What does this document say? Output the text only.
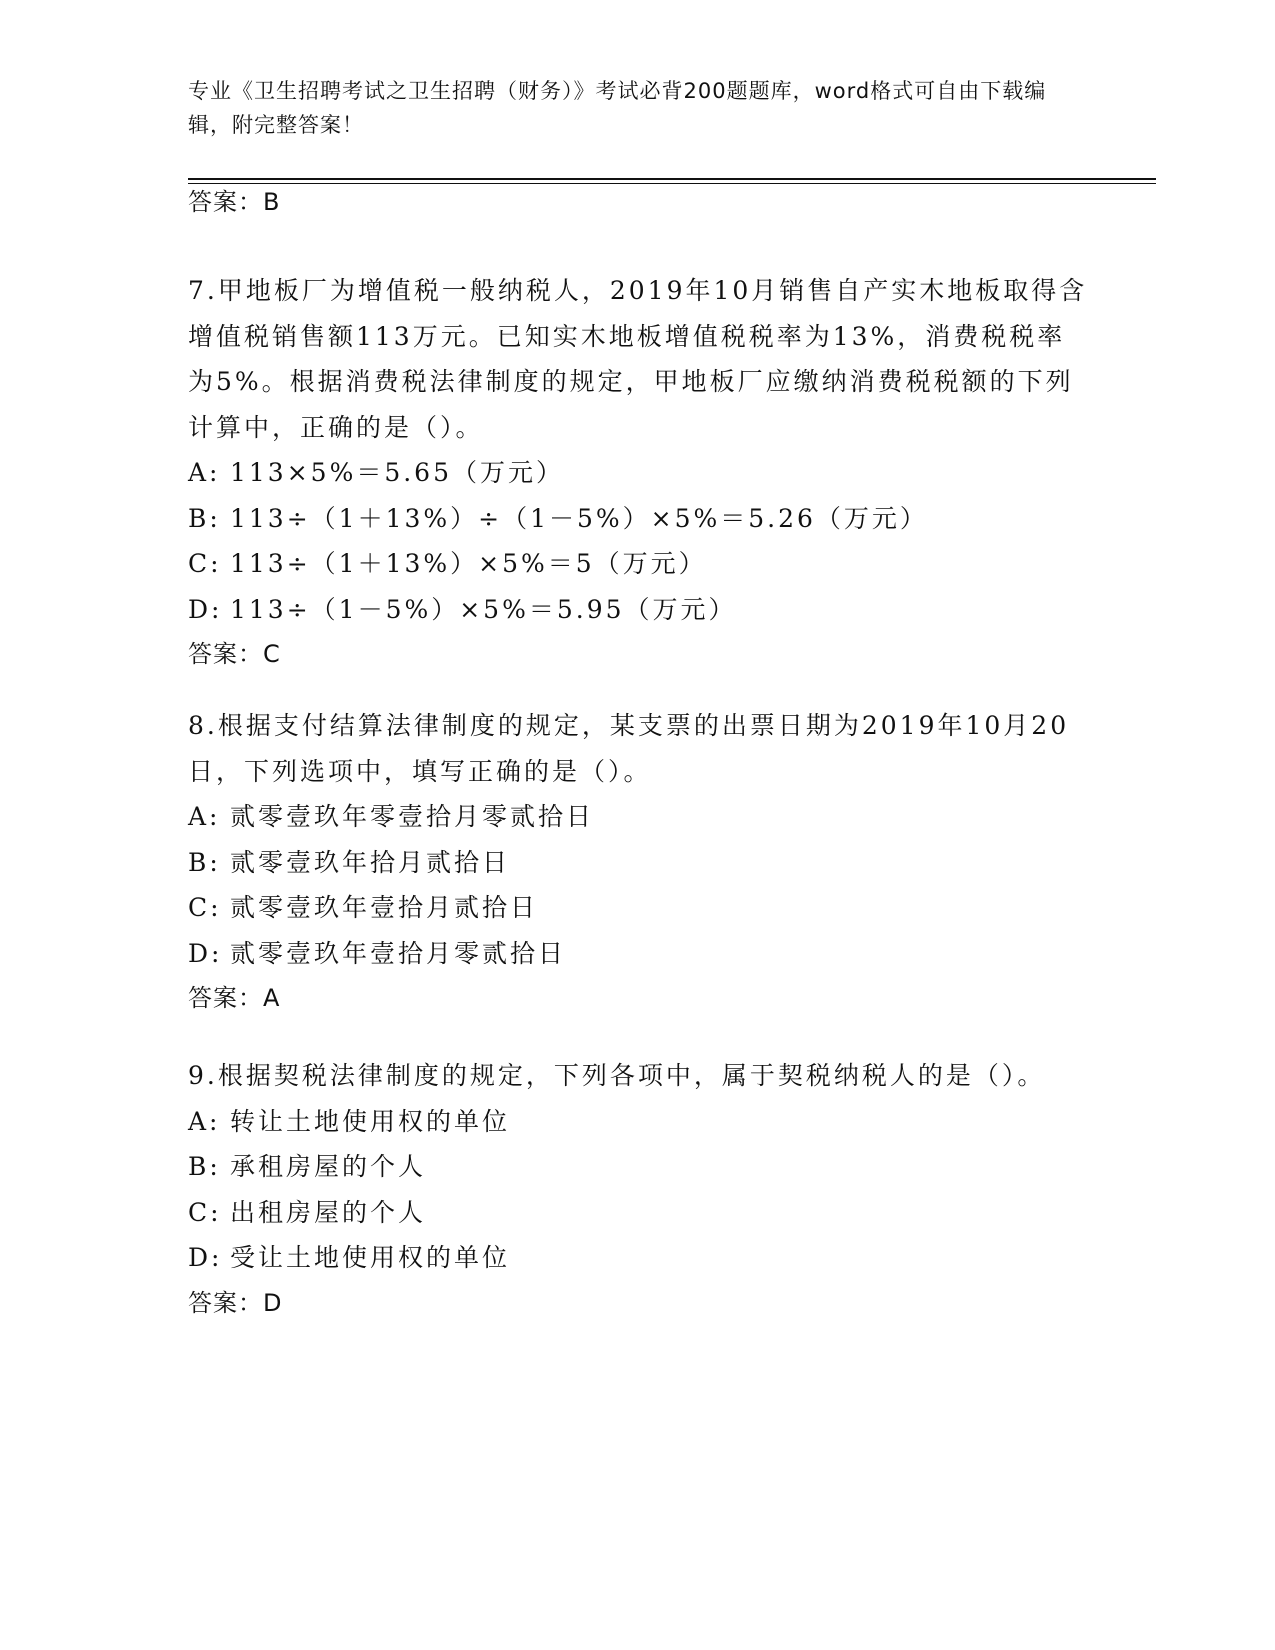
专业《卫生招聘考试之卫生招聘（财务）》考试必背200题题库，word格式可自由下载编辑，附完整答案！
答案：B

7.甲地板厂为增值税一般纳税人，2019年10月销售自产实木地板取得含增值税销售额113万元。已知实木地板增值税税率为13%，消费税税率为5%。根据消费税法律制度的规定，甲地板厂应缴纳消费税税额的下列计算中，正确的是（）。

A: 113×5%＝5.65（万元）
B: 113÷（1＋13%）÷（1－5%）×5%＝5.26（万元）
C: 113÷（1＋13%）×5%＝5（万元）
D: 113÷（1－5%）×5%＝5.95（万元）
答案：C

8.根据支付结算法律制度的规定，某支票的出票日期为2019年10月20日，下列选项中，填写正确的是（）。

A: 贰零壹玖年零壹拾月零贰拾日
B: 贰零壹玖年拾月贰拾日
C: 贰零壹玖年壹拾月贰拾日
D: 贰零壹玖年壹拾月零贰拾日
答案：A

9.根据契税法律制度的规定，下列各项中，属于契税纳税人的是（）。

A: 转让土地使用权的单位
B: 承租房屋的个人
C: 出租房屋的个人
D: 受让土地使用权的单位
答案：D
